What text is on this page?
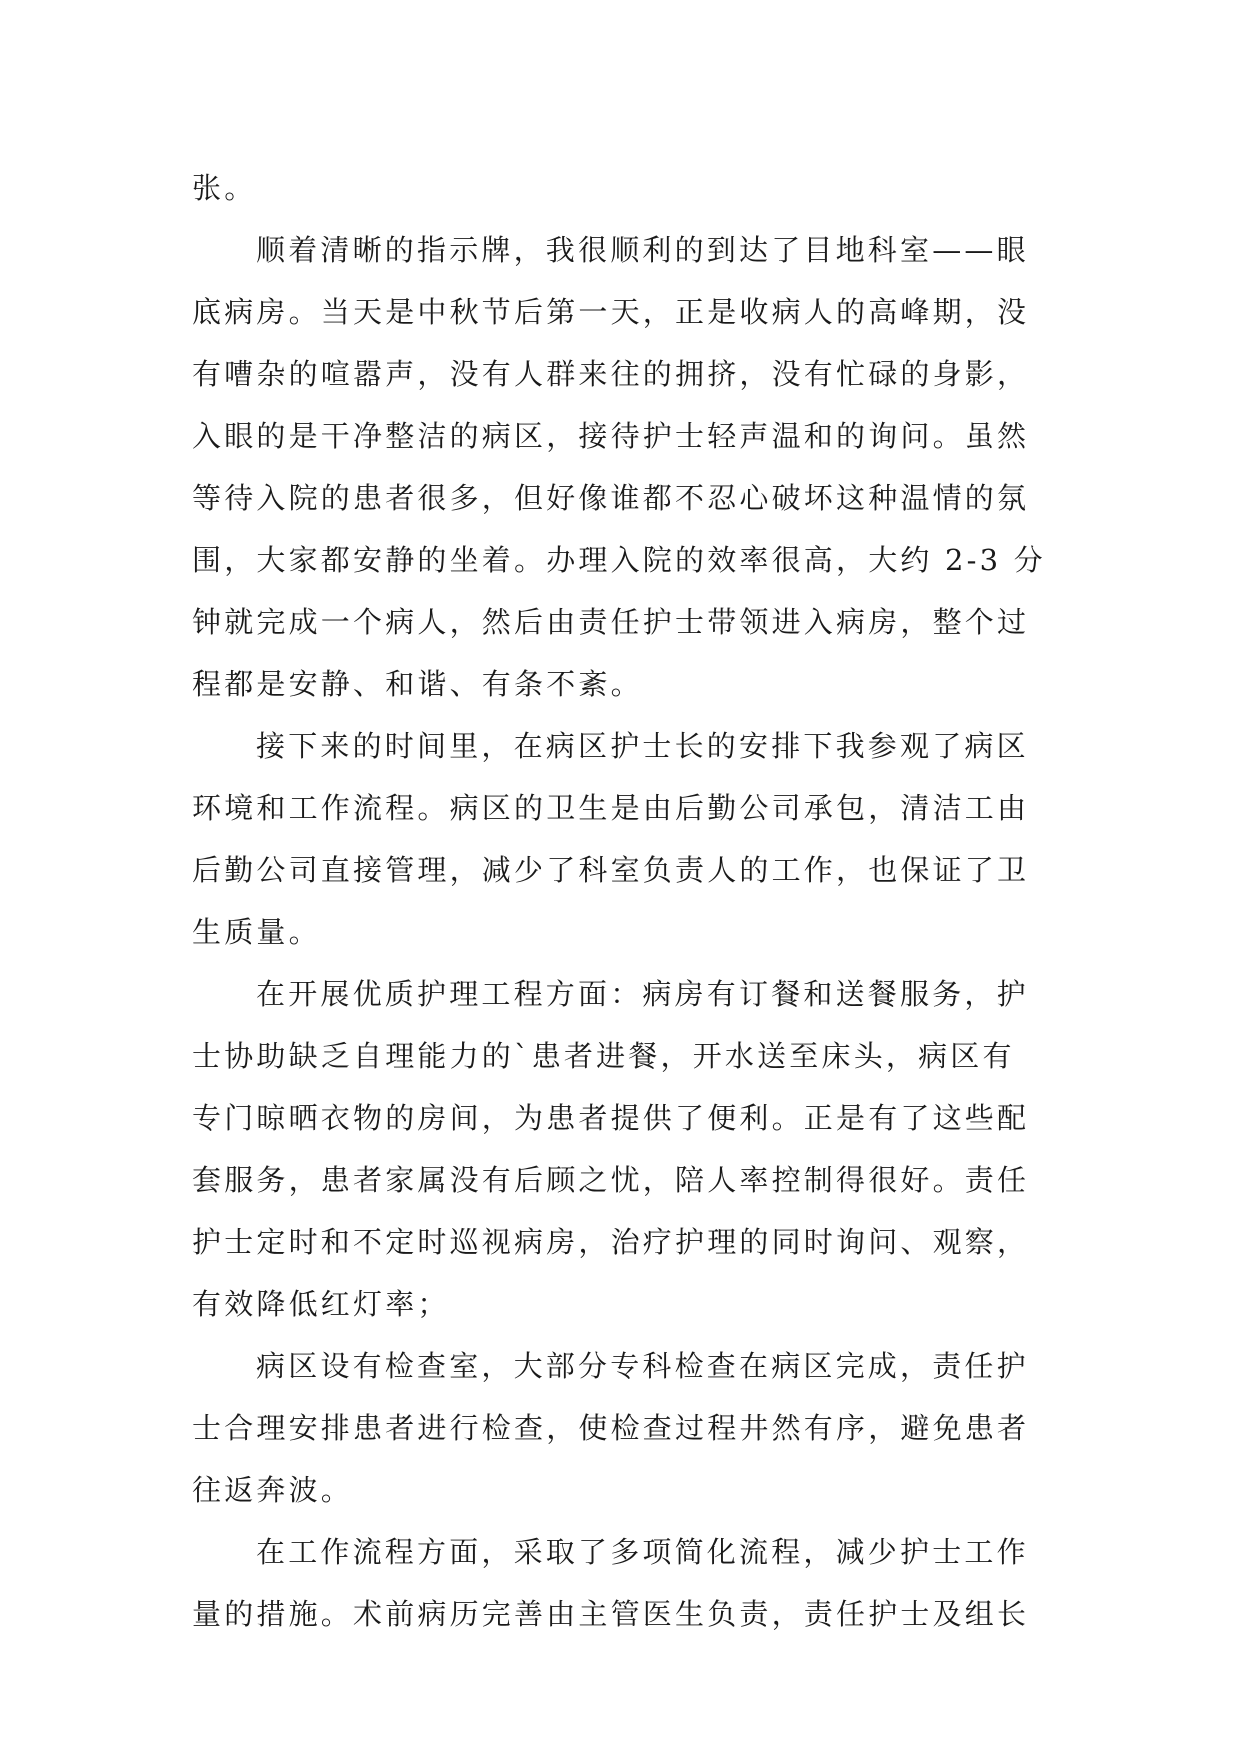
张。
顺着清晰的指示牌，我很顺利的到达了目地科室——眼
底病房。当天是中秋节后第一天，正是收病人的高峰期，没
有嘈杂的喧嚣声，没有人群来往的拥挤，没有忙碌的身影，
入眼的是干净整洁的病区，接待护士轻声温和的询问。虽然
等待入院的患者很多，但好像谁都不忍心破坏这种温情的氛
围，大家都安静的坐着。办理入院的效率很高，大约 2-3 分
钟就完成一个病人，然后由责任护士带领进入病房，整个过
程都是安静、和谐、有条不紊。
接下来的时间里，在病区护士长的安排下我参观了病区
环境和工作流程。病区的卫生是由后勤公司承包，清洁工由
后勤公司直接管理，减少了科室负责人的工作，也保证了卫
生质量。
在开展优质护理工程方面：病房有订餐和送餐服务，护
士协助缺乏自理能力的`患者进餐，开水送至床头，病区有
专门晾晒衣物的房间，为患者提供了便利。正是有了这些配
套服务，患者家属没有后顾之忧，陪人率控制得很好。责任
护士定时和不定时巡视病房，治疗护理的同时询问、观察，
有效降低红灯率；
病区设有检查室，大部分专科检查在病区完成，责任护
士合理安排患者进行检查，使检查过程井然有序，避免患者
往返奔波。
在工作流程方面，采取了多项简化流程，减少护士工作
量的措施。术前病历完善由主管医生负责，责任护士及组长
